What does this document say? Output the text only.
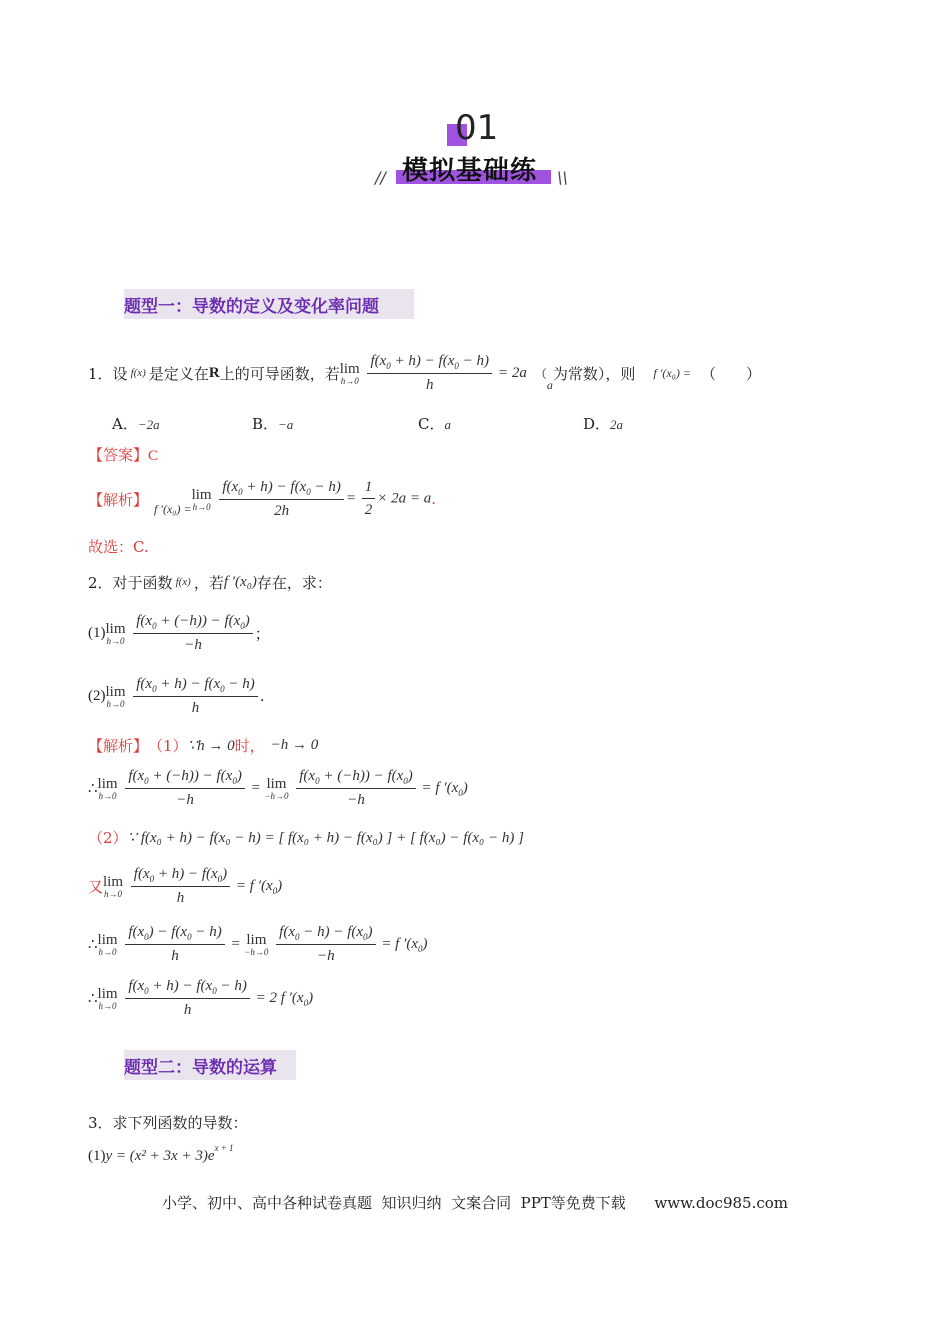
01
模拟基础练
//	\\
题型一：导数的定义及变化率问题
1． 设 f(x) 是定义在 R 上的可导函数，若 lim
h→0
$\frac{f(x_0 + h) - f(x_0 - h)}{h} = 2a$ （
a
为常数），则 f ′(x₀) = （　　）
A．−2a	B．−a	C．a	D．2a
【答案】C
【解析】 f ′(x₀) =
lim
h→0
$\frac{f(x_0 + h) - f(x_0 - h)}{2h} = \frac{1}{2} \times 2a = a$ .
故选：C.
2． 对于函数 f(x) ，若 f ′(x₀) 存在，求：
(1) lim
h→0
$\frac{f(x_0 + (-h)) - f(x_0)}{-h}$ ；
(2) lim
h→0
$\frac{f(x_0 + h) - f(x_0 - h)}{h}$ .
【解析】 （1） ∵h → 0 时， −h → 0
∴ lim
h→0
$\frac{f(x_0 + (-h)) - f(x_0)}{-h} = \lim$
−h→0
$\frac{f(x_0 + (-h)) - f(x_0)}{-h} = f$ $'(x_0)$
（2） ∵ f(x₀ + h) − f(x₀ − h) = [ f(x₀ + h) − f(x₀) ] + [ f(x₀) − f(x₀ − h) ]
又 lim
h→0
$\frac{f(x_0 + h) - f(x_0)}{h} = f$ $'(x_0)$
∴ lim
h→0
$\frac{f(x_0) - f(x_0 - h)}{h} = \lim$
−h→0
$\frac{f(x_0 - h) - f(x_0)}{-h} = f$ $'(x_0)$
∴ lim
h→0
$\frac{f(x_0 + h) - f(x_0 - h)}{h} = 2$ f $'(x_0)$
题型二：导数的运算
3． 求下列函数的导数：
(1) y = (x² + 3x + 3)e x + 1
小学、初中、高中各种试卷真题  知识归纳  文案合同  PPT等免费下载      www.doc985.com
